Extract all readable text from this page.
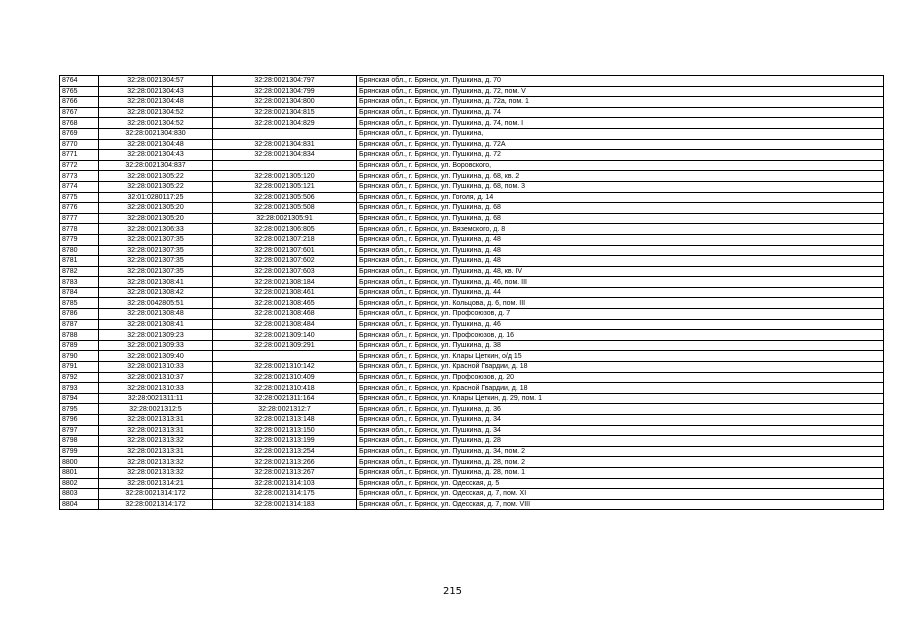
8764	32:28:0021304:57	32:28:0021304:797	Брянская обл., г. Брянск, ул. Пушкина, д. 70
8765	32:28:0021304:43	32:28:0021304:799	Брянская обл., г. Брянск, ул. Пушкина, д. 72, пом. V
8766	32:28:0021304:48	32:28:0021304:800	Брянская обл., г. Брянск, ул. Пушкина, д. 72а, пом. 1
8767	32:28:0021304:52	32:28:0021304:815	Брянская обл., г. Брянск, ул. Пушкина, д. 74
8768	32:28:0021304:52	32:28:0021304:829	Брянская обл., г. Брянск, ул. Пушкина, д. 74, пом. I
8769	32:28:0021304:830		Брянская обл., г. Брянск, ул. Пушкина,
8770	32:28:0021304:48	32:28:0021304:831	Брянская обл., г. Брянск, ул. Пушкина, д. 72А
8771	32:28:0021304:43	32:28:0021304:834	Брянская обл., г. Брянск, ул. Пушкина, д. 72
8772	32:28:0021304:837		Брянская обл., г. Брянск, ул. Воровского,
8773	32:28:0021305:22	32:28:0021305:120	Брянская обл., г. Брянск, ул. Пушкина, д. 68, кв. 2
8774	32:28:0021305:22	32:28:0021305:121	Брянская обл., г. Брянск, ул. Пушкина, д. 68, пом. 3
8775	32:01:0280117:25	32:28:0021305:506	Брянская обл., г. Брянск, ул. Гоголя, д. 14
8776	32:28:0021305:20	32:28:0021305:508	Брянская обл., г. Брянск, ул. Пушкина, д. 68
8777	32:28:0021305:20	32:28:0021305:91	Брянская обл., г. Брянск, ул. Пушкина, д. 68
8778	32:28:0021306:33	32:28:0021306:805	Брянская обл., г. Брянск, ул. Вяземского, д. 8
8779	32:28:0021307:35	32:28:0021307:218	Брянская обл., г. Брянск, ул. Пушкина, д. 48
8780	32:28:0021307:35	32:28:0021307:601	Брянская обл., г. Брянск, ул. Пушкина, д. 48
8781	32:28:0021307:35	32:28:0021307:602	Брянская обл., г. Брянск, ул. Пушкина, д. 48
8782	32:28:0021307:35	32:28:0021307:603	Брянская обл., г. Брянск, ул. Пушкина, д. 48, кв. IV
8783	32:28:0021308:41	32:28:0021308:184	Брянская обл., г. Брянск, ул. Пушкина, д. 46, пом. III
8784	32:28:0021308:42	32:28:0021308:461	Брянская обл., г. Брянск, ул. Пушкина, д. 44
8785	32:28:0042805:51	32:28:0021308:465	Брянская обл., г. Брянск, ул. Кольцова, д. 6, пом. III
8786	32:28:0021308:48	32:28:0021308:468	Брянская обл., г. Брянск, ул. Профсоюзов, д. 7
8787	32:28:0021308:41	32:28:0021308:484	Брянская обл., г. Брянск, ул. Пушкина, д. 46
8788	32:28:0021309:23	32:28:0021309:140	Брянская обл., г. Брянск, ул. Профсоюзов, д. 16
8789	32:28:0021309:33	32:28:0021309:291	Брянская обл., г. Брянск, ул. Пушкина, д. 38
8790	32:28:0021309:40		Брянская обл., г. Брянск, ул. Клары Цеткин, о/д 15
8791	32:28:0021310:33	32:28:0021310:142	Брянская обл., г. Брянск, ул. Красной Гвардии, д. 18
8792	32:28:0021310:37	32:28:0021310:409	Брянская обл., г. Брянск, ул. Профсоюзов, д. 20
8793	32:28:0021310:33	32:28:0021310:418	Брянская обл., г. Брянск, ул. Красной Гвардии, д. 18
8794	32:28:0021311:11	32:28:0021311:164	Брянская обл., г. Брянск, ул. Клары Цеткин, д. 29, пом. 1
8795	32:28:0021312:5	32:28:0021312:7	Брянская обл., г. Брянск, ул. Пушкина, д. 36
8796	32:28:0021313:31	32:28:0021313:148	Брянская обл., г. Брянск, ул. Пушкина, д. 34
8797	32:28:0021313:31	32:28:0021313:150	Брянская обл., г. Брянск, ул. Пушкина, д. 34
8798	32:28:0021313:32	32:28:0021313:199	Брянская обл., г. Брянск, ул. Пушкина, д. 28
8799	32:28:0021313:31	32:28:0021313:254	Брянская обл., г. Брянск, ул. Пушкина, д. 34, пом. 2
8800	32:28:0021313:32	32:28:0021313:266	Брянская обл., г. Брянск, ул. Пушкина, д. 28, пом. 2
8801	32:28:0021313:32	32:28:0021313:267	Брянская обл., г. Брянск, ул. Пушкина, д. 28, пом. 1
8802	32:28:0021314:21	32:28:0021314:103	Брянская обл., г. Брянск, ул. Одесская, д. 5
8803	32:28:0021314:172	32:28:0021314:175	Брянская обл., г. Брянск, ул. Одесская, д. 7, пом. XI
8804	32:28:0021314:172	32:28:0021314:183	Брянская обл., г. Брянск, ул. Одесская, д. 7, пом. VIII
215
